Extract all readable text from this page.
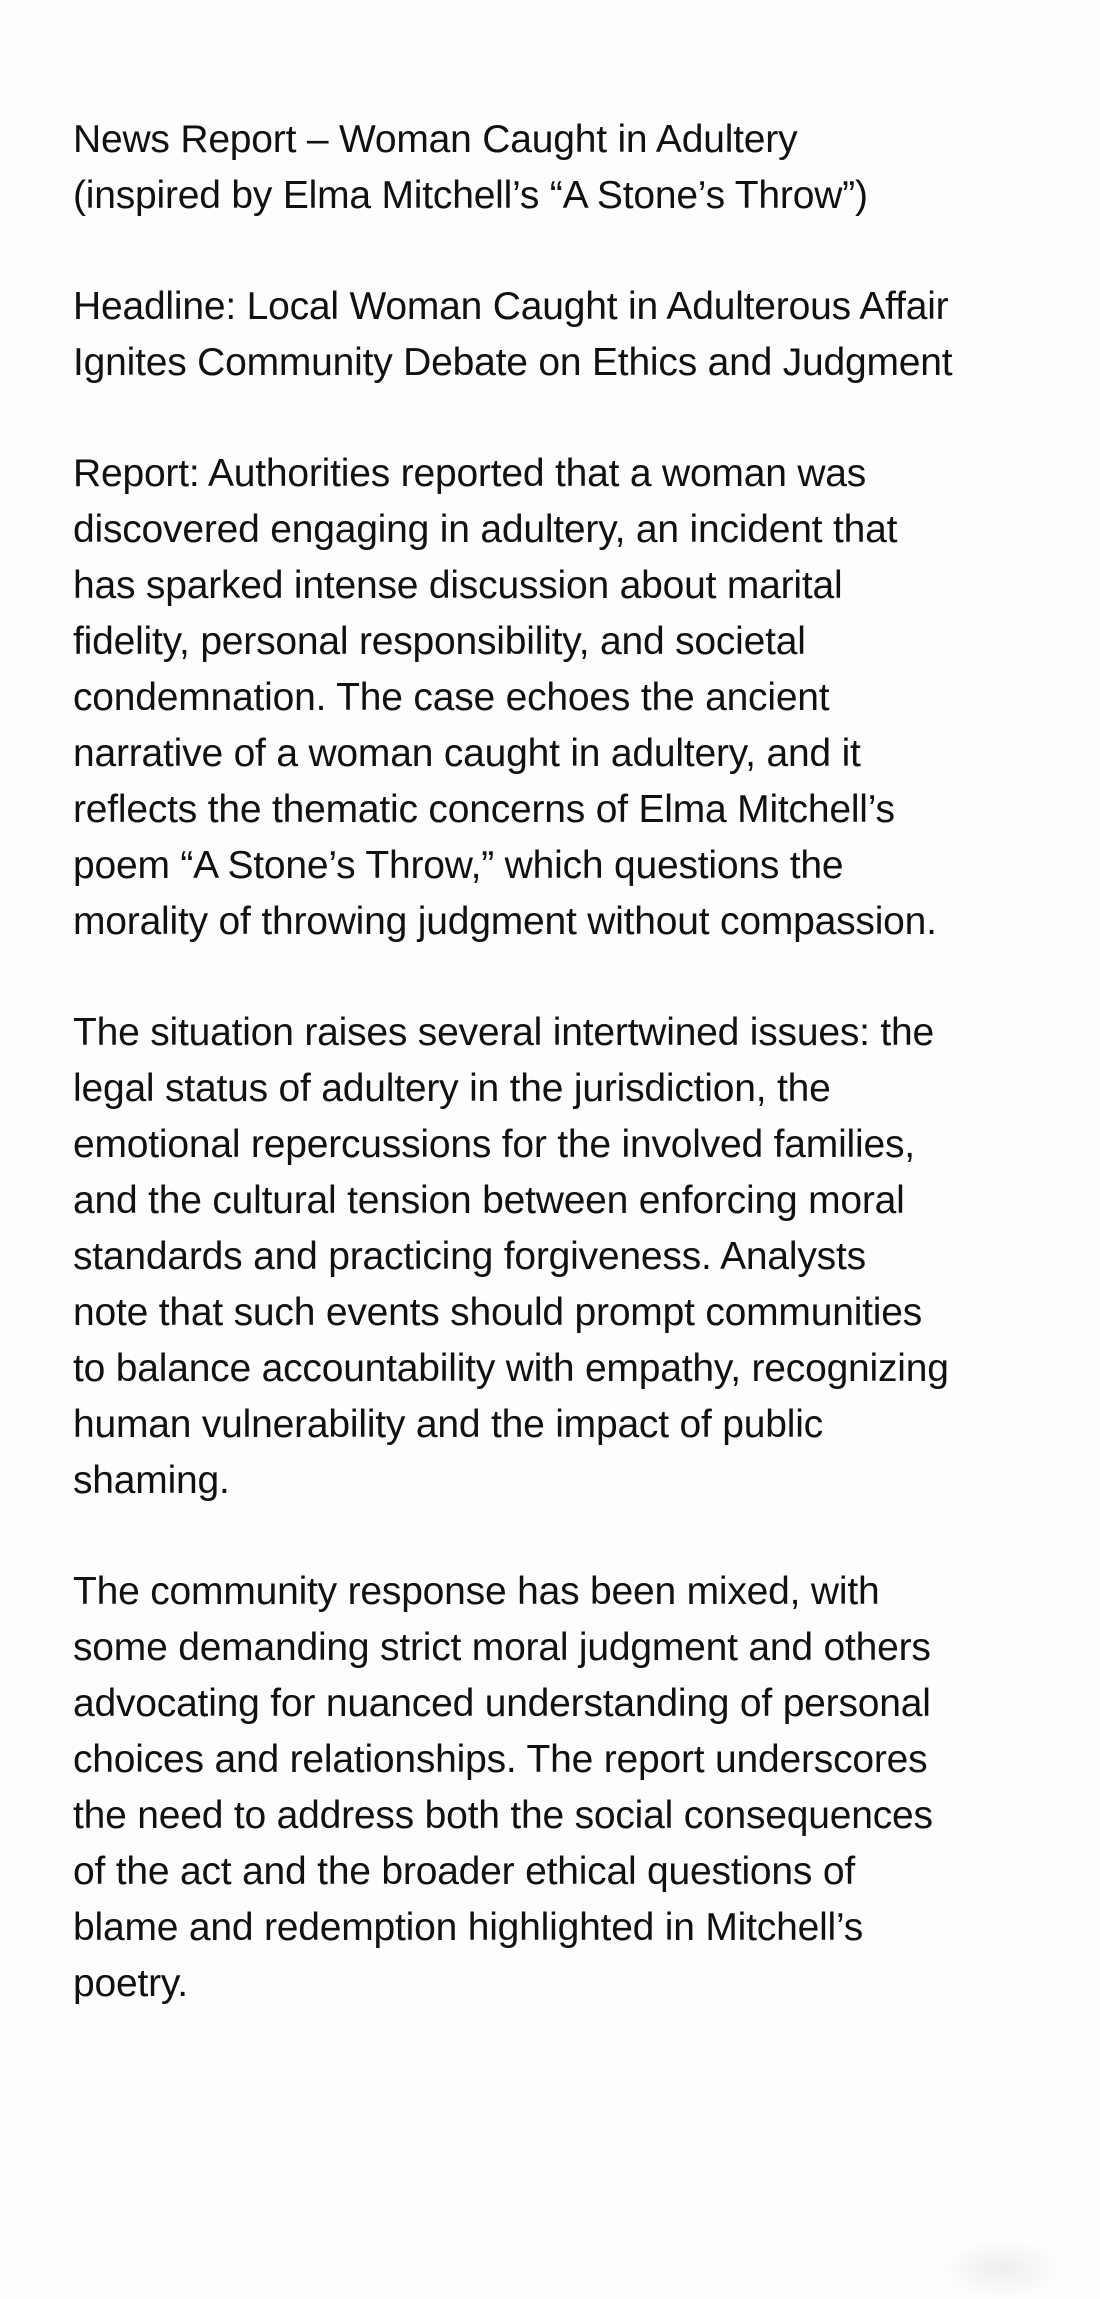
News Report – Woman Caught in Adultery
(inspired by Elma Mitchell’s “A Stone’s Throw”)

Headline: Local Woman Caught in Adulterous Affair
Ignites Community Debate on Ethics and Judgment

Report: Authorities reported that a woman was
discovered engaging in adultery, an incident that
has sparked intense discussion about marital
fidelity, personal responsibility, and societal
condemnation. The case echoes the ancient
narrative of a woman caught in adultery, and it
reflects the thematic concerns of Elma Mitchell’s
poem “A Stone’s Throw,” which questions the
morality of throwing judgment without compassion.

The situation raises several intertwined issues: the
legal status of adultery in the jurisdiction, the
emotional repercussions for the involved families,
and the cultural tension between enforcing moral
standards and practicing forgiveness. Analysts
note that such events should prompt communities
to balance accountability with empathy, recognizing
human vulnerability and the impact of public
shaming.

The community response has been mixed, with
some demanding strict moral judgment and others
advocating for nuanced understanding of personal
choices and relationships. The report underscores
the need to address both the social consequences
of the act and the broader ethical questions of
blame and redemption highlighted in Mitchell’s
poetry.
